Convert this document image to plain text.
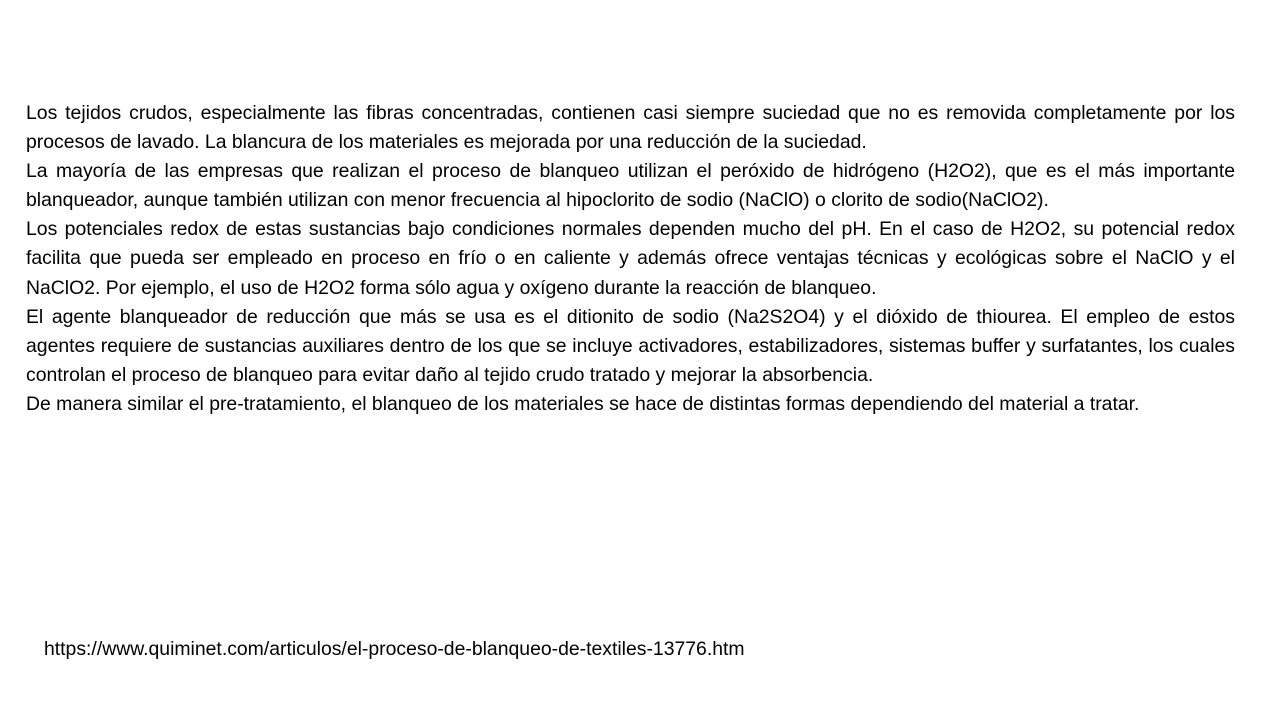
Los tejidos crudos, especialmente las fibras concentradas, contienen casi siempre suciedad que no es removida completamente por los procesos de lavado. La blancura de los materiales es mejorada por una reducción de la suciedad.

La mayoría de las empresas que realizan el proceso de blanqueo utilizan el peróxido de hidrógeno (H2O2), que es el más importante blanqueador, aunque también utilizan con menor frecuencia al hipoclorito de sodio (NaClO) o clorito de sodio(NaClO2).

Los potenciales redox de estas sustancias bajo condiciones normales dependen mucho del pH. En el caso de H2O2, su potencial redox facilita que pueda ser empleado en proceso en frío o en caliente y además ofrece ventajas técnicas y ecológicas sobre el NaClO y el NaClO2. Por ejemplo, el uso de H2O2 forma sólo agua y oxígeno durante la reacción de blanqueo.

El agente blanqueador de reducción que más se usa es el ditionito de sodio (Na2S2O4) y el dióxido de thiourea. El empleo de estos agentes requiere de sustancias auxiliares dentro de los que se incluye activadores, estabilizadores, sistemas buffer y surfatantes, los cuales controlan el proceso de blanqueo para evitar daño al tejido crudo tratado y mejorar la absorbencia.

De manera similar el pre-tratamiento, el blanqueo de los materiales se hace de distintas formas dependiendo del material a tratar.

https://www.quiminet.com/articulos/el-proceso-de-blanqueo-de-textiles-13776.htm
